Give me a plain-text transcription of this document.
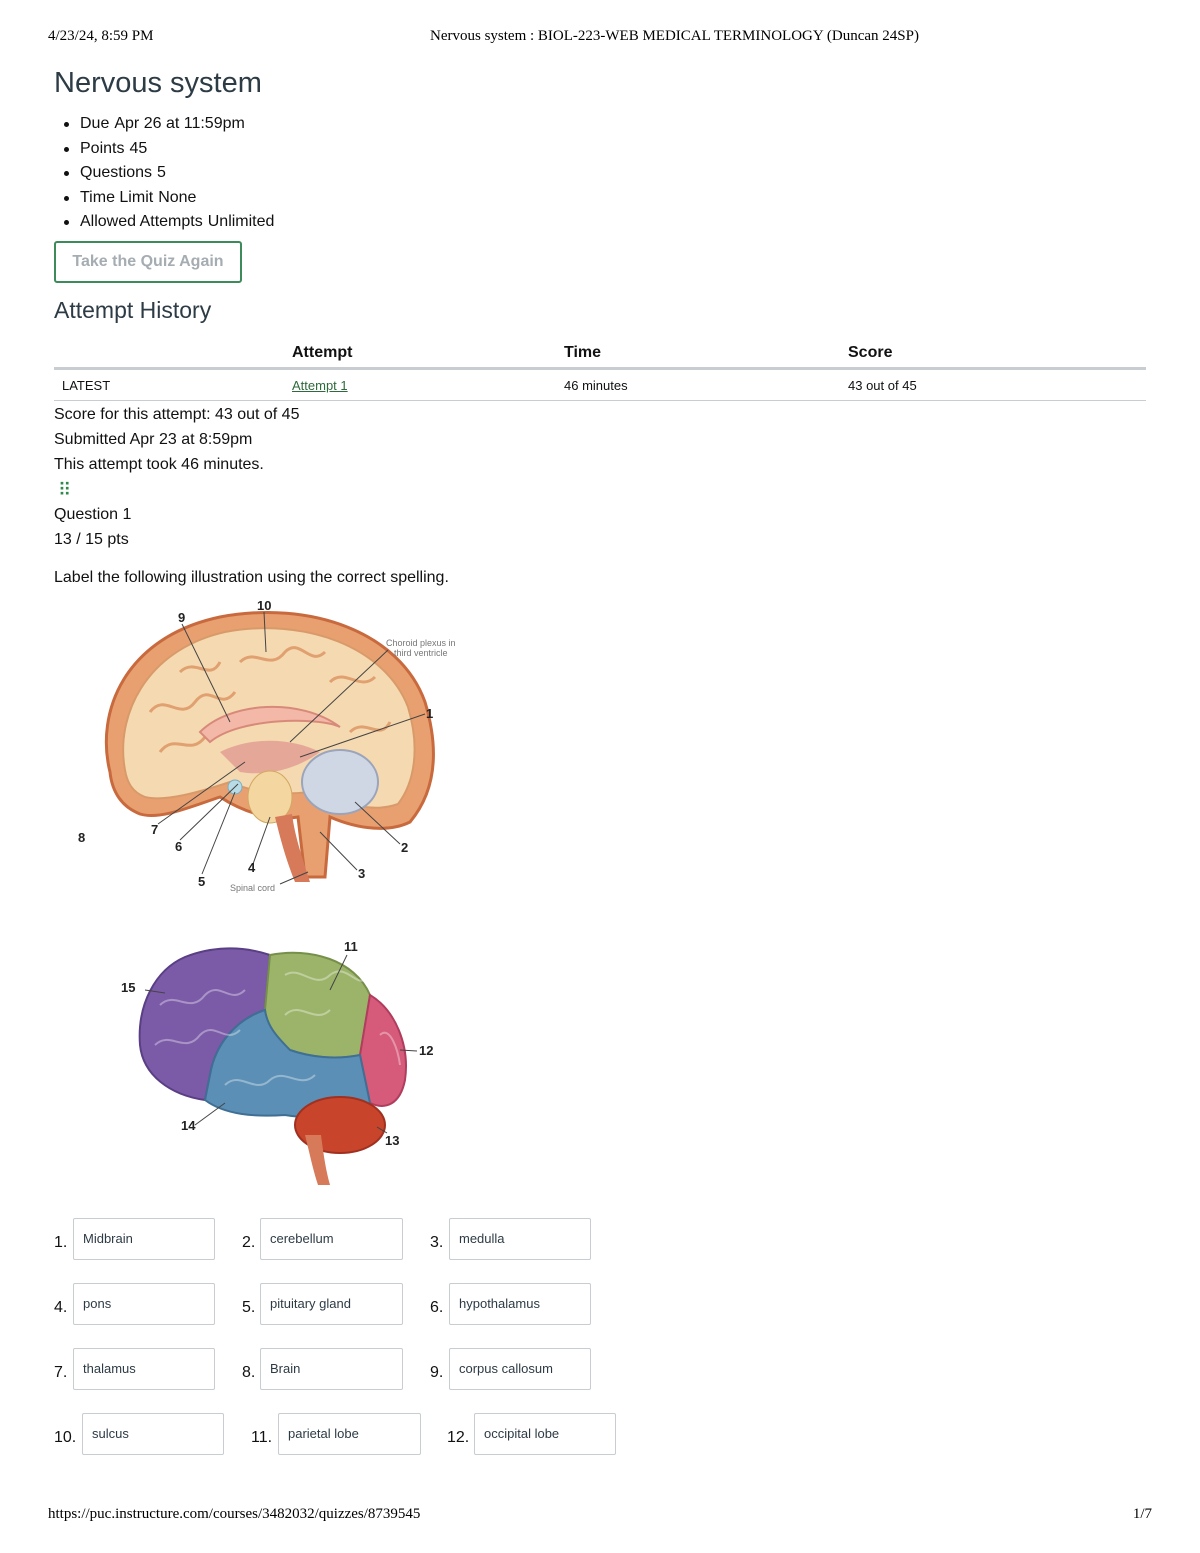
4/23/24, 8:59 PM	Nervous system : BIOL-223-WEB MEDICAL TERMINOLOGY (Duncan 24SP)
Nervous system
Due Apr 26 at 11:59pm
Points 45
Questions 5
Time Limit None
Allowed Attempts Unlimited
Take the Quiz Again
Attempt History
	Attempt	Time	Score
LATEST	Attempt 1	46 minutes	43 out of 45
Score for this attempt: 43 out of 45
Submitted Apr 23 at 8:59pm
This attempt took 46 minutes.
⠿
Question 1
13 / 15 pts
Label the following illustration using the correct spelling.
9
10
1
2
3
4
5
6
7
8
Choroid plexus in
third ventricle
Spinal cord
11
12
13
14
15
1.	Midbrain	2.	cerebellum	3.	medulla
4.	pons	5.	pituitary gland	6.	hypothalamus
7.	thalamus	8.	Brain	9.	corpus callosum
10.	sulcus	11.	parietal lobe	12.	occipital lobe
https://puc.instructure.com/courses/3482032/quizzes/8739545	1/7
